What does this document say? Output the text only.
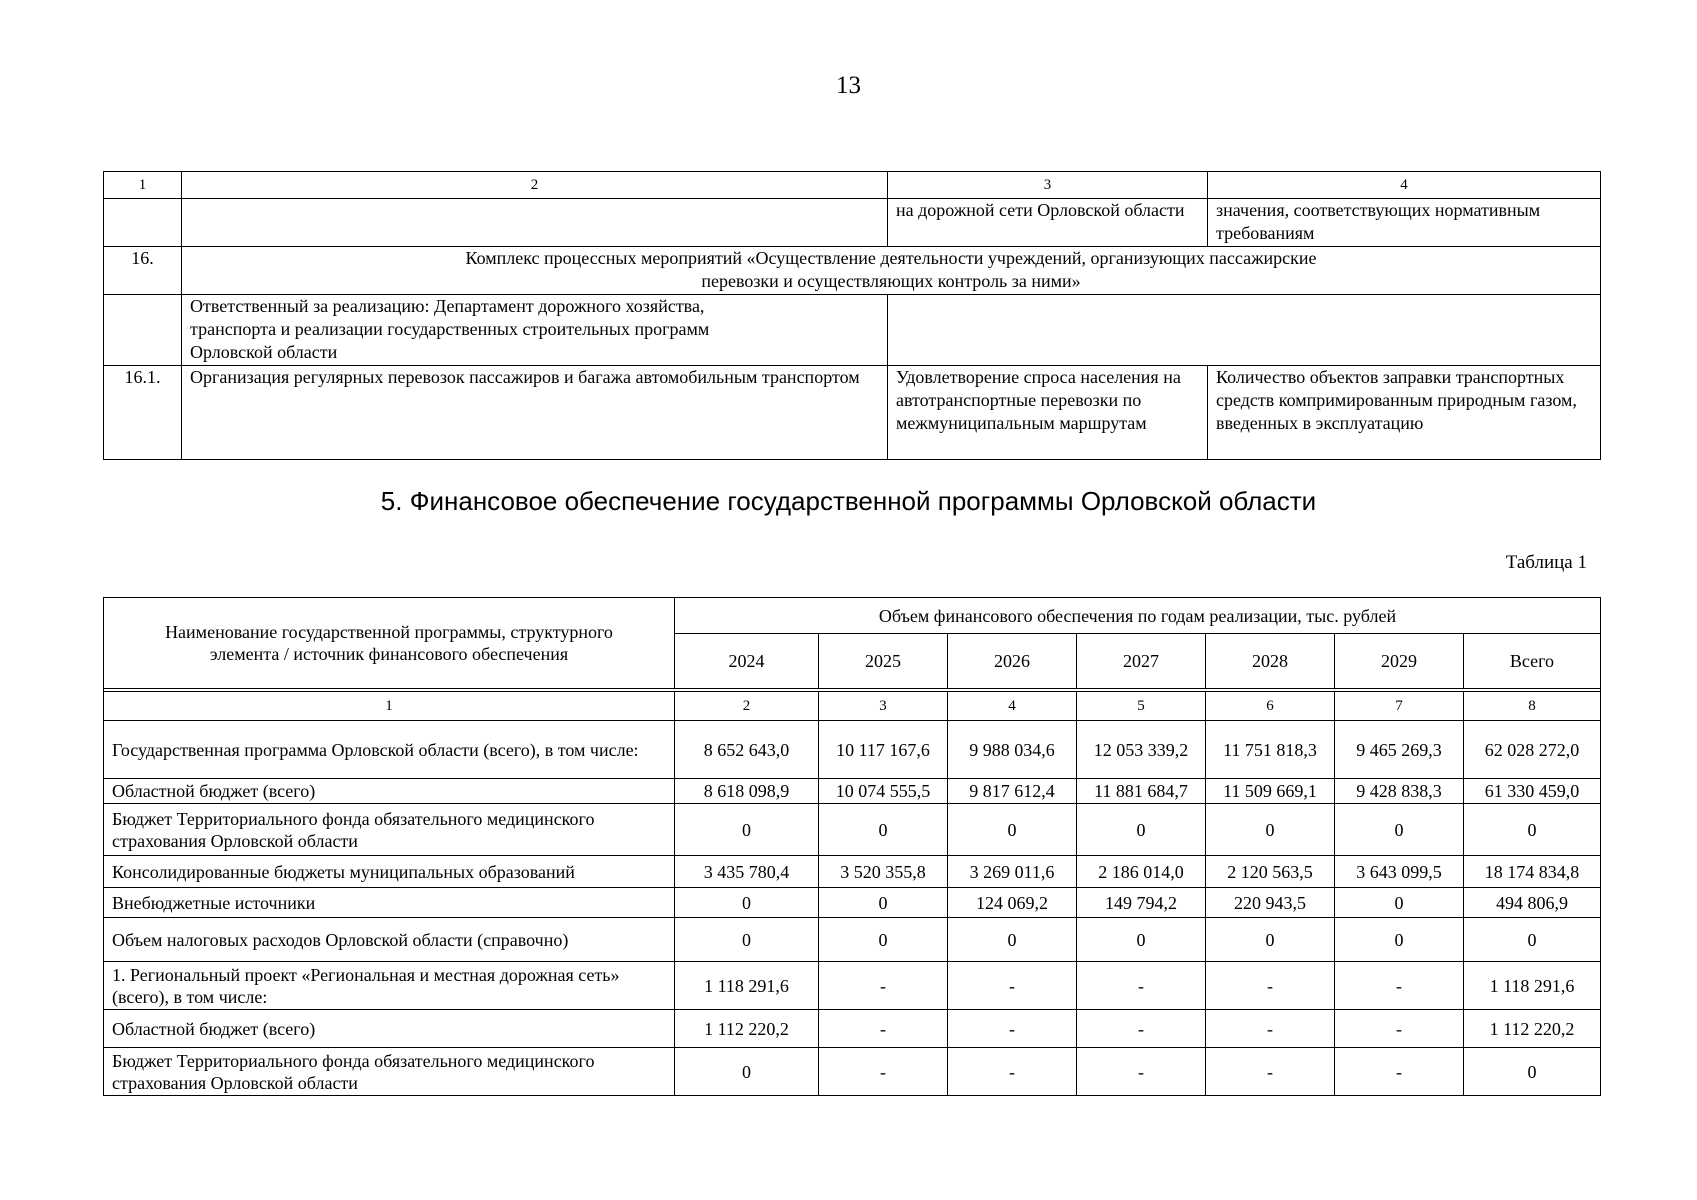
13
1	2	3	4
		на дорожной сети Орловской области	значения, соответствующих нормативным требованиям
16.	Комплекс процессных мероприятий «Осуществление деятельности учреждений, организующих пассажирские перевозки и осуществляющих контроль за ними»		
	Ответственный за реализацию: Департамент дорожного хозяйства, транспорта и реализации государственных строительных программ Орловской области		
16.1.	Организация регулярных перевозок пассажиров и багажа автомобильным транспортом	Удовлетворение спроса населения на автотранспортные перевозки по межмуниципальным маршрутам	Количество объектов заправки транспортных средств компримированным природным газом, введенных в эксплуатацию
5. Финансовое обеспечение государственной программы Орловской области
Таблица 1
Наименование государственной программы, структурного элемента / источник финансового обеспечения	Объем финансового обеспечения по годам реализации, тыс. рублей						
	2024	2025	2026	2027	2028	2029	Всего

1	2	3	4	5	6	7	8
Государственная программа Орловской области (всего), в том числе:	8 652 643,0	10 117 167,6	9 988 034,6	12 053 339,2	11 751 818,3	9 465 269,3	62 028 272,0
Областной бюджет (всего)	8 618 098,9	10 074 555,5	9 817 612,4	11 881 684,7	11 509 669,1	9 428 838,3	61 330 459,0
Бюджет Территориального фонда обязательного медицинского страхования Орловской области	0	0	0	0	0	0	0
Консолидированные бюджеты муниципальных образований	3 435 780,4	3 520 355,8	3 269 011,6	2 186 014,0	2 120 563,5	3 643 099,5	18 174 834,8
Внебюджетные источники	0	0	124 069,2	149 794,2	220 943,5	0	494 806,9
Объем налоговых расходов Орловской области (справочно)	0	0	0	0	0	0	0
1. Региональный проект «Региональная и местная дорожная сеть» (всего), в том числе:	1 118 291,6	-	-	-	-	-	1 118 291,6
Областной бюджет (всего)	1 112 220,2	-	-	-	-	-	1 112 220,2
Бюджет Территориального фонда обязательного медицинского страхования Орловской области	0	-	-	-	-	-	0
